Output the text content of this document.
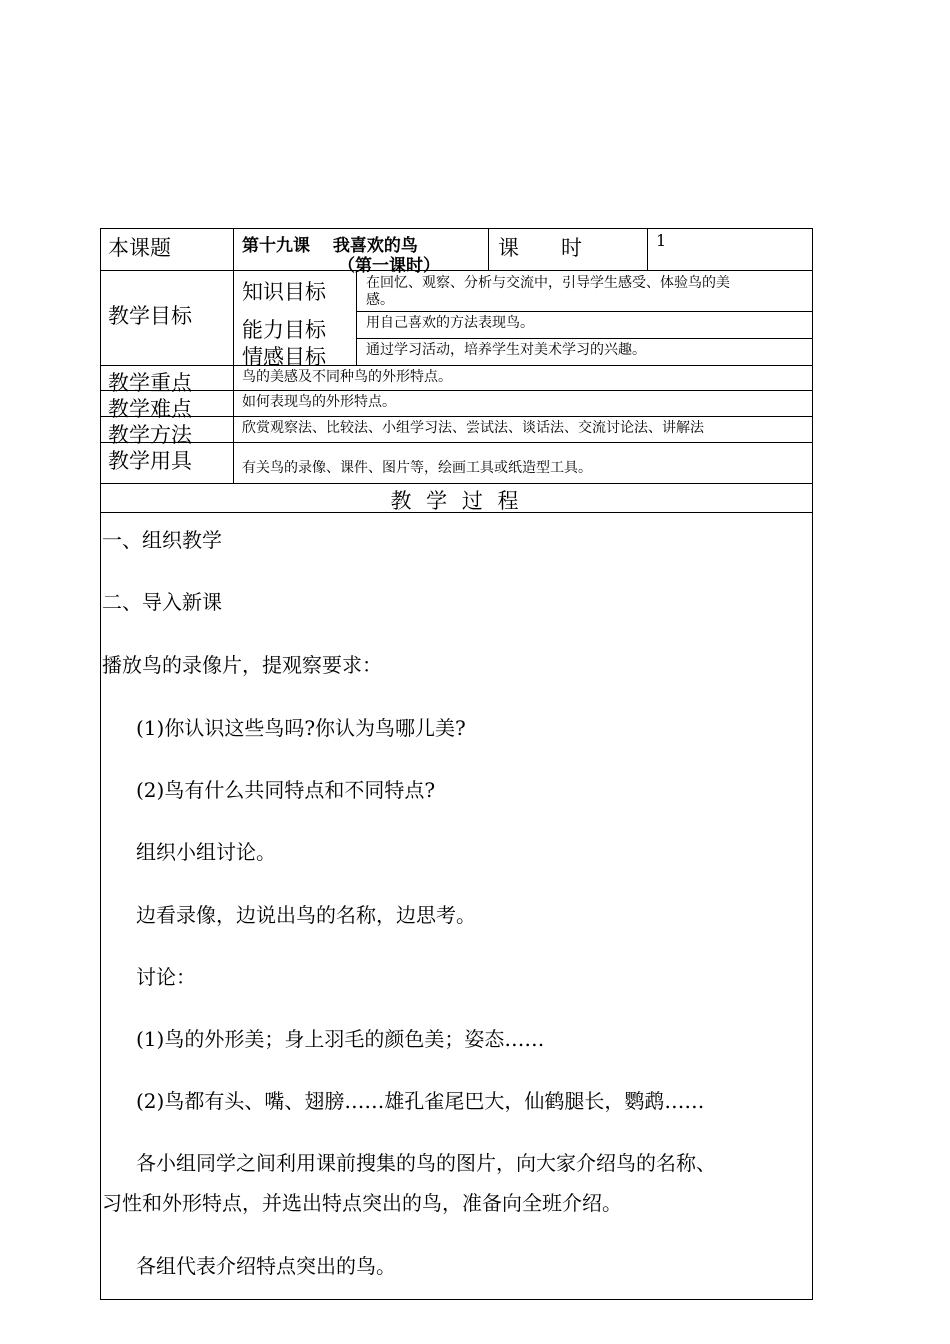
本课题	第十九课　 我喜欢的鸟
（第一课时）
课　　时	1
教学目标
知识目标	在回忆、观察、分析与交流中，引导学生感受、体验鸟的美
感。
能力目标	用自己喜欢的方法表现鸟。
情感目标	通过学习活动，培养学生对美术学习的兴趣。
教学重点	鸟的美感及不同种鸟的外形特点。
教学难点	如何表现鸟的外形特点。
教学方法	欣赏观察法、比较法、小组学习法、尝试法、谈话法、交流讨论法、讲解法
教学用具	有关鸟的录像、课件、图片等，绘画工具或纸造型工具。
教 学 过 程
一、组织教学
二、导入新课
播放鸟的录像片，提观察要求：
(1)你认识这些鸟吗?你认为鸟哪儿美?
(2)鸟有什么共同特点和不同特点?
组织小组讨论。
边看录像，边说出鸟的名称，边思考。
讨论：
(1)鸟的外形美；身上羽毛的颜色美；姿态……
(2)鸟都有头、嘴、翅膀……雄孔雀尾巴大，仙鹤腿长，鹦鹉……
各小组同学之间利用课前搜集的鸟的图片，向大家介绍鸟的名称、
习性和外形特点，并选出特点突出的鸟，准备向全班介绍。
各组代表介绍特点突出的鸟。
